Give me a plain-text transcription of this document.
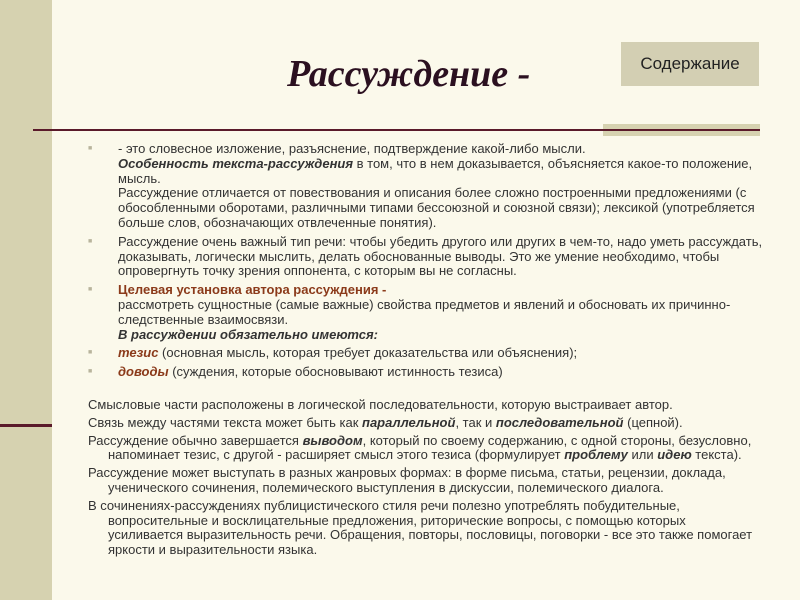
Рассуждение -	Содержание

■ - это словесное изложение, разъяснение, подтверждение какой-либо мысли.

Особенность текста-рассуждения в том, что в нем доказывается, объясняется какое-то положение, мысль.

Рассуждение отличается от повествования и описания более сложно построенными предложениями (с обособленными оборотами, различными типами бессоюзной и союзной связи); лексикой (употребляется больше слов, обозначающих отвлеченные понятия).

■ Рассуждение очень важный тип речи: чтобы убедить другого или других в чем-то, надо уметь рассуждать, доказывать, логически мыслить, делать обоснованные выводы. Это же умение необходимо, чтобы опровергнуть точку зрения оппонента, с которым вы не согласны.

■ Целевая установка автора рассуждения -

рассмотреть сущностные (самые важные) свойства предметов и явлений и обосновать их причинно-следственные взаимосвязи.

В рассуждении обязательно имеются:

■ тезис (основная мысль, которая требует доказательства или объяснения);

■ доводы (суждения, которые обосновывают истинность тезиса)

Смысловые части расположены в логической последовательности, которую выстраивает автор.

Связь между частями текста может быть как параллельной, так и последовательной (цепной).

Рассуждение обычно завершается выводом, который по своему содержанию, с одной стороны, безусловно, напоминает тезис, с другой - расширяет смысл этого тезиса (формулирует проблему или идею текста).

Рассуждение может выступать в разных жанровых формах: в форме письма, статьи, рецензии, доклада, ученического сочинения, полемического выступления в дискуссии, полемического диалога.

В сочинениях-рассуждениях публицистического стиля речи полезно употреблять побудительные, вопросительные и восклицательные предложения, риторические вопросы, с помощью которых усиливается выразительность речи. Обращения, повторы, пословицы, поговорки - все это также помогает яркости и выразительности языка.
